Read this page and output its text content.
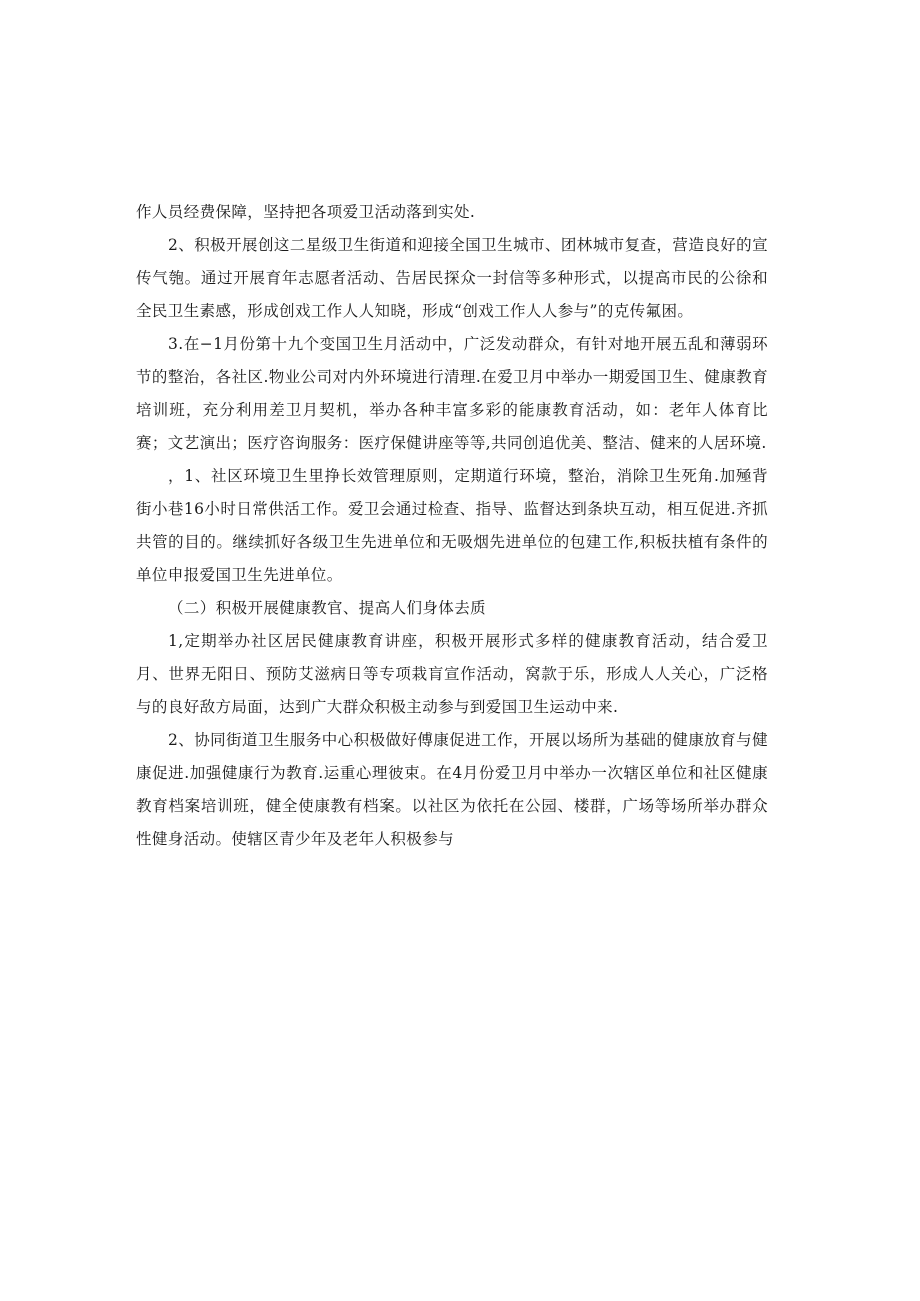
作人员经费保障，坚持把各项爱卫活动落到实处.

2、积极开展创这二星级卫生街道和迎接全国卫生城市、团林城市复查，营造良好的宣传气匏。通过开展育年志愿者活动、告居民探众一封信等多种形式，以提高市民的公徐和全民卫生素感，形成创戏工作人人知晓，形成“创戏工作人人参与”的克传氟困。

3.在−1月份第十九个变国卫生月活动中，广泛发动群众，有针对地开展五乱和薄弱环节的整治，各社区.物业公司对内外环境进行清理.在爱卫月中举办一期爱国卫生、健康教育培训班，充分利用差卫月契机，举办各种丰富多彩的能康教育活动，如：老年人体育比赛；文艺演出；医疗咨询服务：医疗保健讲座等等,共同创追优美、整洁、健来的人居环境.

，1、社区环境卫生里挣长效管理原则，定期道行环境，整治，消除卫生死角.加殛背街小巷16小时日常供活工作。爱卫会通过检查、指导、监督达到条块互动，相互促进.齐抓共管的目的。继续抓好各级卫生先进单位和无吸烟先进单位的包建工作,积板扶植有条件的单位申报爱国卫生先进单位。

（二）积极开展健康教官、提高人们身体去质

1,定期举办社区居民健康教育讲座，积极开展形式多样的健康教育活动，结合爱卫月、世界无阳日、预防艾滋病日等专项栽肓宣作活动，窝款于乐，形成人人关心，广泛格与的良好敌方局面，达到广大群众积极主动参与到爱国卫生运动中来.

2、协同街道卫生服务中心积极做好傅康促进工作，开展以场所为基础的健康放育与健康促进.加强健康行为教育.运重心理彼束。在4月份爱卫月中举办一次辖区单位和社区健康教育档案培训班，健全使康教有档案。以社区为依托在公园、楼群，广场等场所举办群众性健身活动。使辖区青少年及老年人积极参与
